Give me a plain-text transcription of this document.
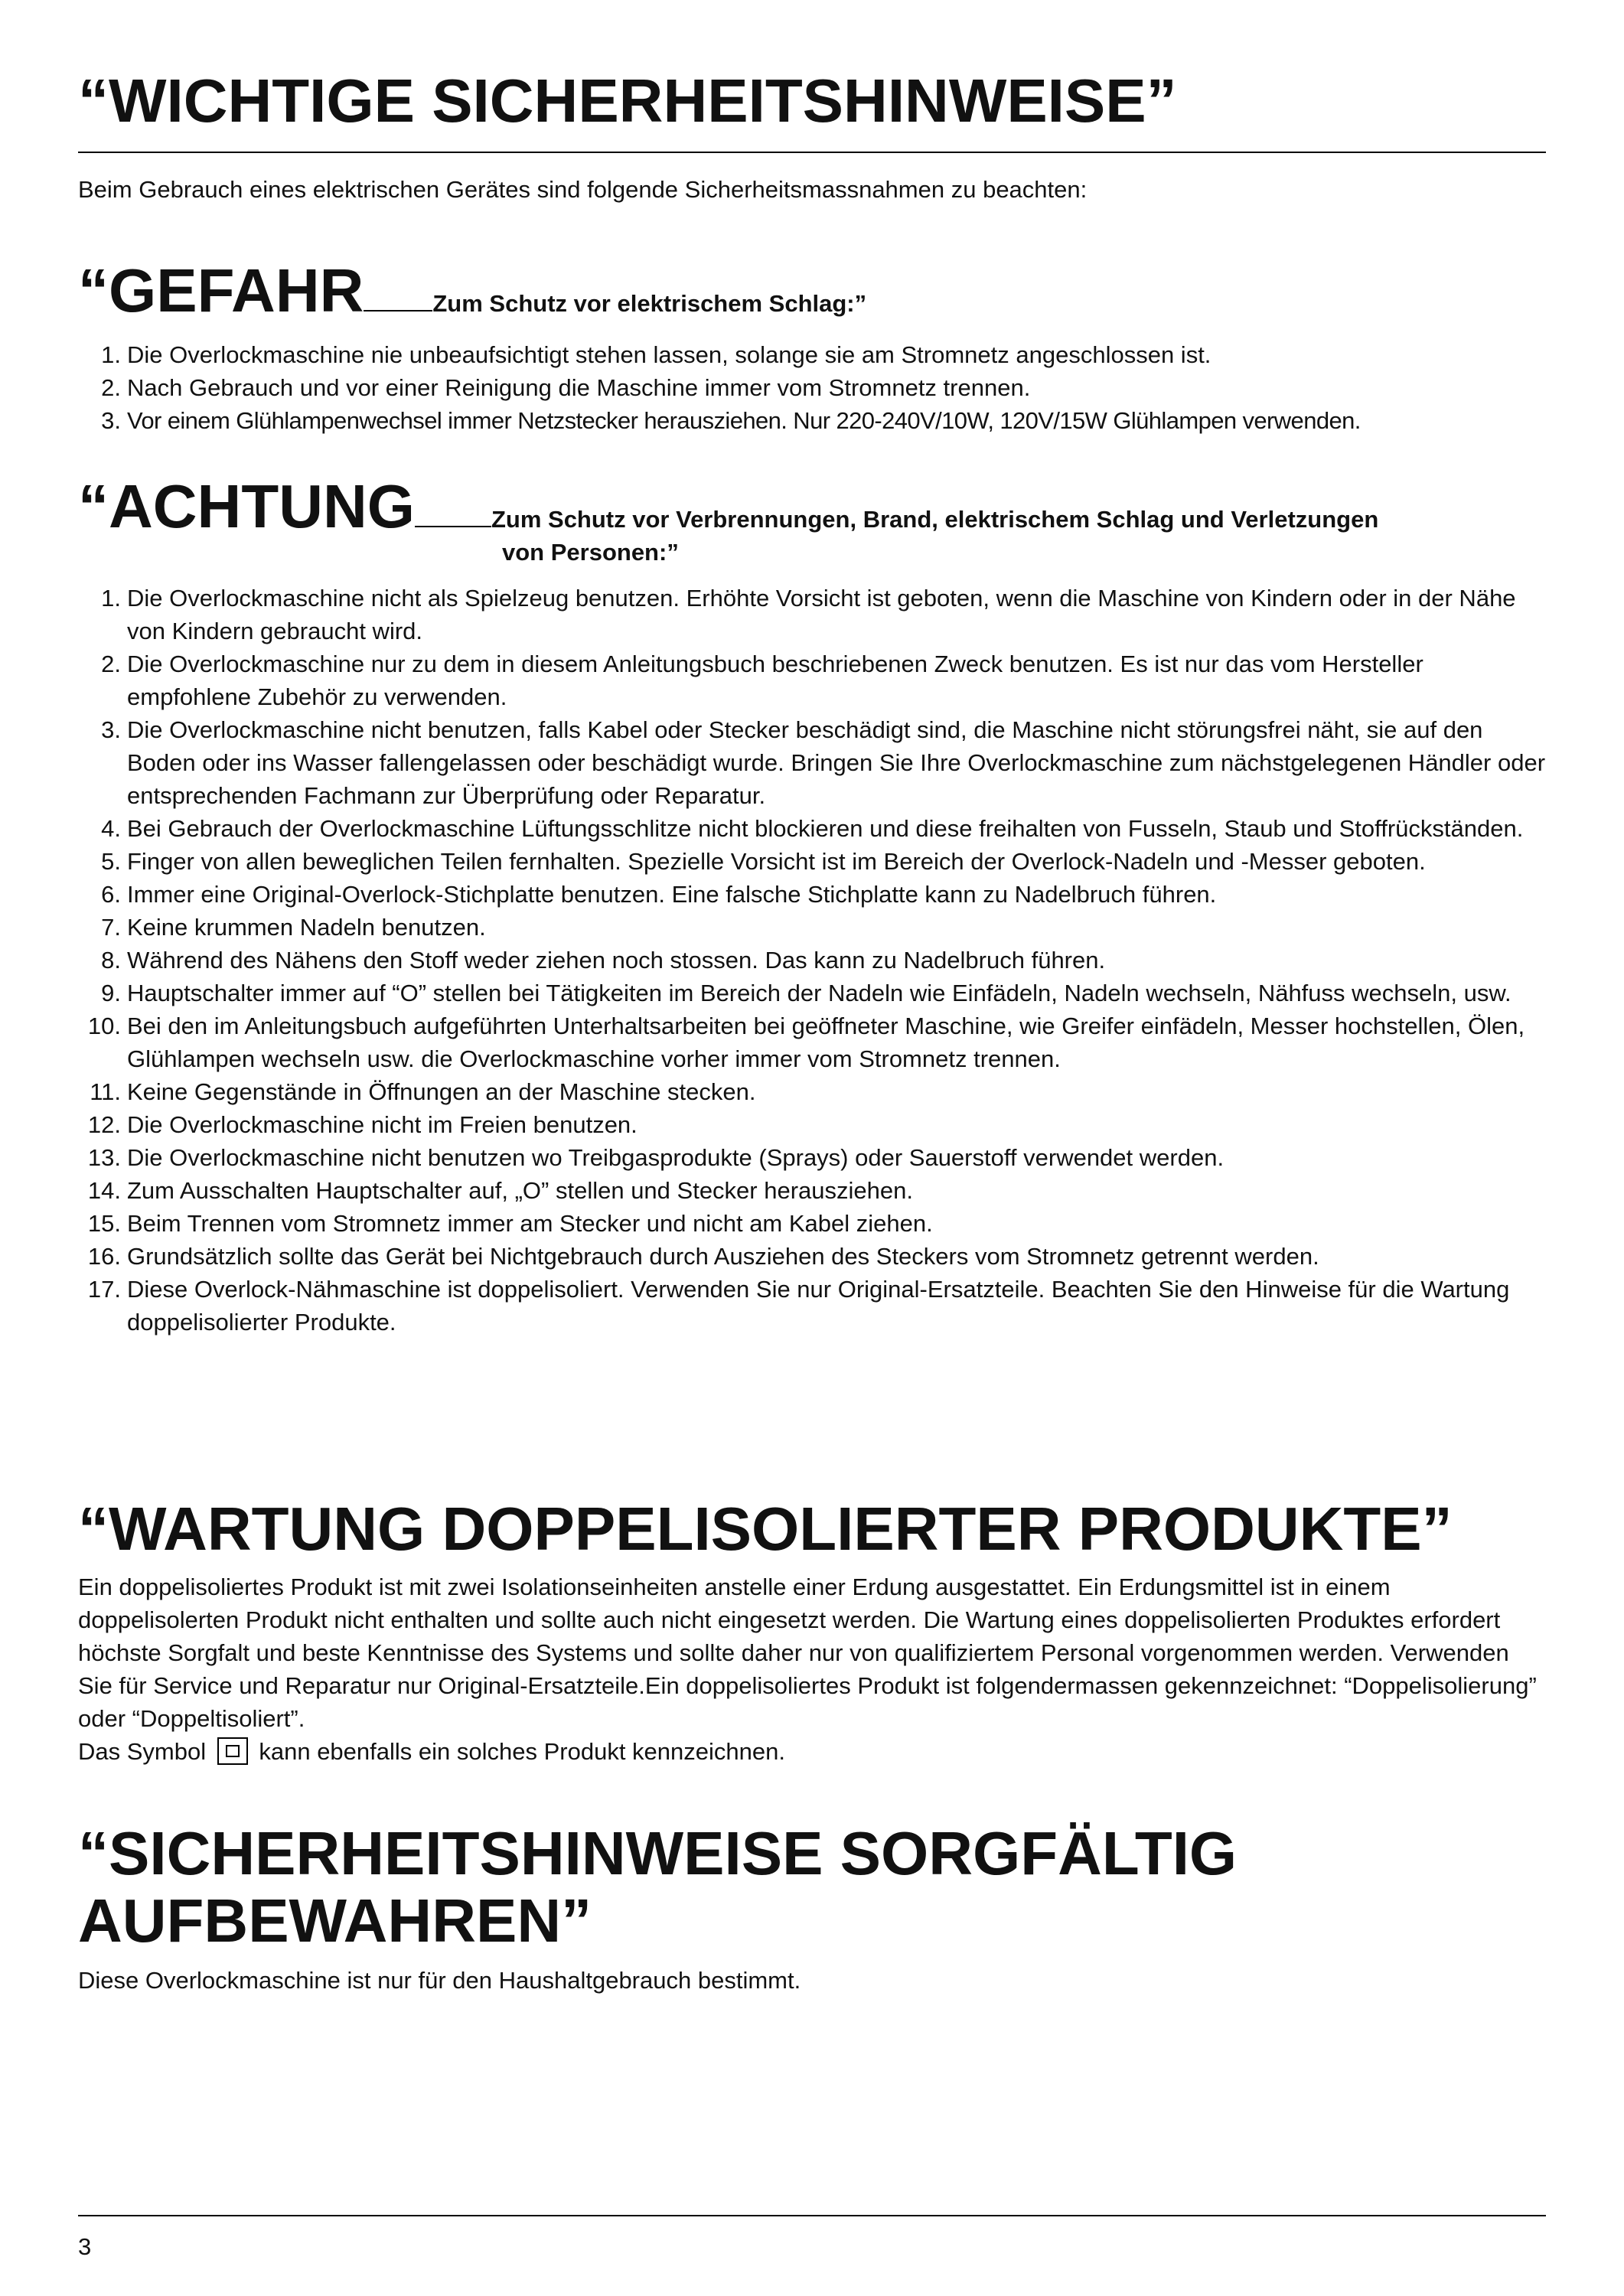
“WICHTIGE SICHERHEITSHINWEISE”

Beim Gebrauch eines elektrischen Gerätes sind folgende Sicherheitsmassnahmen zu beachten:

“GEFAHR	Zum Schutz vor elektrischem Schlag:”
1. Die Overlockmaschine nie unbeaufsichtigt stehen lassen, solange sie am Stromnetz angeschlossen ist.
2. Nach Gebrauch und vor einer Reinigung die Maschine immer vom Stromnetz trennen.
3. Vor einem Glühlampenwechsel immer Netzstecker herausziehen. Nur 220-240V/10W, 120V/15W Glühlampen verwenden.
“ACHTUNG	Zum Schutz vor Verbrennungen, Brand, elektrischem Schlag und Verletzungen
von Personen:”
1. Die Overlockmaschine nicht als Spielzeug benutzen. Erhöhte Vorsicht ist geboten, wenn die Maschine von Kindern oder in der Nähe von Kindern gebraucht wird.
2. Die Overlockmaschine nur zu dem in diesem Anleitungsbuch beschriebenen Zweck benutzen. Es ist nur das vom Hersteller empfohlene Zubehör zu verwenden.
3. Die Overlockmaschine nicht benutzen, falls Kabel oder Stecker beschädigt sind, die Maschine nicht störungsfrei näht, sie auf den Boden oder ins Wasser fallengelassen oder beschädigt wurde. Bringen Sie Ihre Overlockmaschine zum nächstgelegenen Händler oder entsprechenden Fachmann zur Überprüfung oder Reparatur.
4. Bei Gebrauch der Overlockmaschine Lüftungsschlitze nicht blockieren und diese freihalten von Fusseln, Staub und Stoffrückständen.
5. Finger von allen beweglichen Teilen fernhalten. Spezielle Vorsicht ist im Bereich der Overlock-Nadeln und -Messer geboten.
6. Immer eine Original-Overlock-Stichplatte benutzen. Eine falsche Stichplatte kann zu Nadelbruch führen.
7. Keine krummen Nadeln benutzen.
8. Während des Nähens den Stoff weder ziehen noch stossen. Das kann zu Nadelbruch führen.
9. Hauptschalter immer auf “O” stellen bei Tätigkeiten im Bereich der Nadeln wie Einfädeln, Nadeln wechseln, Nähfuss wechseln, usw.
10. Bei den im Anleitungsbuch aufgeführten Unterhaltsarbeiten bei geöffneter Maschine, wie Greifer einfädeln, Messer hochstellen, Ölen, Glühlampen wechseln usw. die Overlockmaschine vorher immer vom Stromnetz trennen.
11. Keine Gegenstände in Öffnungen an der Maschine stecken.
12. Die Overlockmaschine nicht im Freien benutzen.
13. Die Overlockmaschine nicht benutzen wo Treibgasprodukte (Sprays) oder Sauerstoff verwendet werden.
14. Zum Ausschalten Hauptschalter auf, „O” stellen und Stecker herausziehen.
15. Beim Trennen vom Stromnetz immer am Stecker und nicht am Kabel ziehen.
16. Grundsätzlich sollte das Gerät bei Nichtgebrauch durch Ausziehen des Steckers vom Stromnetz getrennt werden.
17. Diese Overlock-Nähmaschine ist doppelisoliert. Verwenden Sie nur Original-Ersatzteile. Beachten Sie den Hinweise für die Wartung doppelisolierter Produkte.
“WARTUNG DOPPELISOLIERTER PRODUKTE”

Ein doppelisoliertes Produkt ist mit zwei Isolationseinheiten anstelle einer Erdung ausgestattet. Ein Erdungsmittel ist in einem doppelisolerten Produkt nicht enthalten und sollte auch nicht eingesetzt werden. Die Wartung eines doppelisolierten Produktes erfordert höchste Sorgfalt und beste Kenntnisse des Systems und sollte daher nur von qualifiziertem Personal vorgenommen werden. Verwenden Sie für Service und Reparatur nur Original-Ersatzteile.Ein doppelisoliertes Produkt ist folgendermassen gekennzeichnet: “Doppelisolierung” oder “Doppeltisoliert”.

Das Symbol kann ebenfalls ein solches Produkt kennzeichnen.

“SICHERHEITSHINWEISE SORGFÄLTIG
AUFBEWAHREN”

Diese Overlockmaschine ist nur für den Haushaltgebrauch bestimmt.

3
